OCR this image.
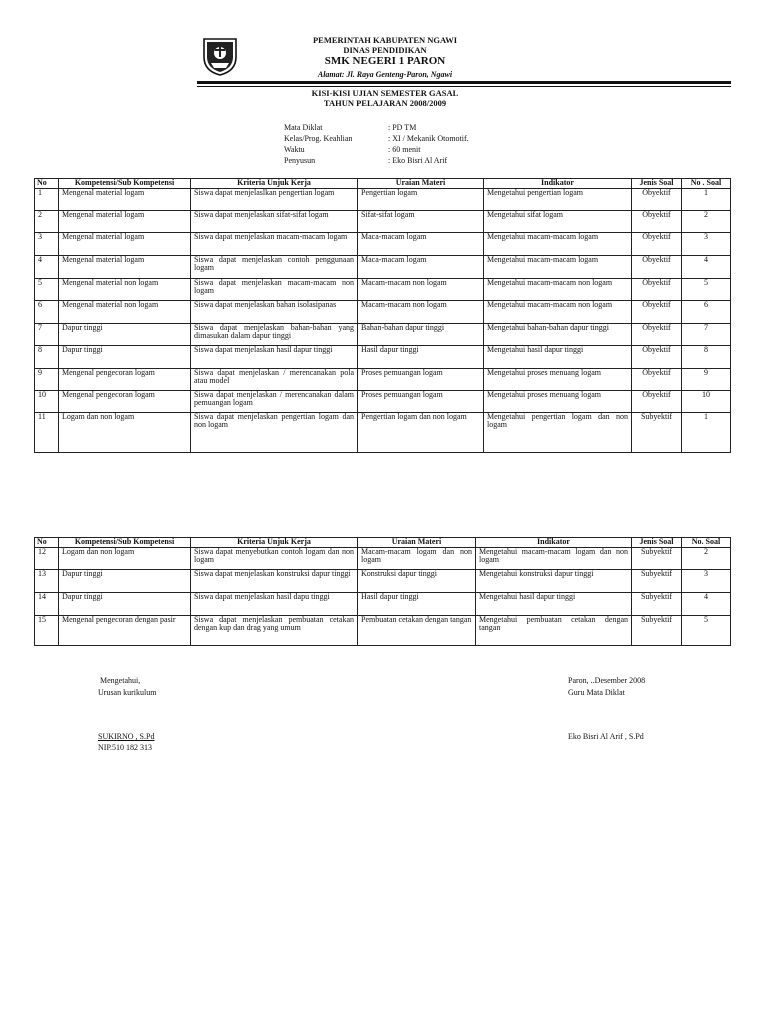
PEMERINTAH KABUPATEN NGAWI
DINAS PENDIDIKAN
SMK NEGERI 1 PARON
Alamat: Jl. Raya Genteng-Paron, Ngawi
KISI-KISI UJIAN SEMESTER GASAL
TAHUN PELAJARAN 2008/2009
Mata Diklat	: PD TM
Kelas/Prog. Keahlian	: XI / Mekanik Otomotif.
Waktu	: 60 menit
Penyusun	: Eko Bisri Al Arif
No	Kompetensi/Sub Kompetensi	Kriteria Unjuk Kerja	Uraian Materi	Indikator	Jenis Soal	No . Soal
1	Mengenal material logam	Siswa dapat menjelaslkan pengertian logam	Pengertian logam	Mengetahui pengertian logam	Obyektif	1
2	Mengenal material logam	Siswa dapat menjelaskan sifat-sifat logam	Sifat-sifat logam	Mengetahui sifat logam	Obyektif	2
3	Mengenal material logam	Siswa dapat menjelaskan macam-macam logam	Maca-macam logam	Mengetahui macam-macam logam	Obyektif	3
4	Mengenal material logam	Siswa dapat menjelaskan contoh penggunaan logam	Maca-macam logam	Mengetahui macam-macam logam	Obyektif	4
5	Mengenal material non logam	Siswa dapat menjelaskan macam-macam non logam	Macam-macam non logam	Mengetahui macam-macam non logam	Obyektif	5
6	Mengenal material non logam	Siswa dapat menjelaskan bahan isolasipanas	Macam-macam non logam	Mengetahui macam-macam non logam	Obyektif	6
7	Dapur tinggi	Siswa dapat menjelaskan bahan-bahan yang dimasukan dalam dapur tinggi	Bahan-bahan dapur tinggi	Mengetahui bahan-bahan dapur tinggi	Obyektif	7
8	Dapur tinggi	Siswa dapat menjelaskan hasil dapur tinggi	Hasil dapur tinggi	Mengetahui hasil dapur tinggi	Obyektif	8
9	Mengenal pengecoran logam	Siswa dapat menjelaskan / merencanakan pola atau model	Proses pemuangan logam	Mengetahui proses menuang logam	Obyektif	9
10	Mengenal pengecoran logam	Siswa dapat menjelaskan / merencanakan dalam pemuangan logam	Proses pemuangan logam	Mengetahui proses menuang logam	Obyektif	10
11	Logam dan non logam	Siswa dapat menjelaskan pengertian logam dan non logam	Pengertian logam dan non logam	Mengetahui pengertian logam dan non logam	Subyektif	1
No	Kompetensi/Sub Kompetensi	Kriteria Unjuk Kerja	Uraian Materi	Indikator	Jenis Soal	No. Soal
12	Logam dan non logam	Siswa dapat menyebutkan contoh logam dan non logam	Macam-macam logam dan non logam	Mengetahui macam-macam logam dan non logam	Subyektif	2
13	Dapur tinggi	Siswa dapat menjelaskan konstruksi dapur tinggi	Konstruksi dapur tinggi	Mengetahui konstruksi dapur tinggi	Subyektif	3
14	Dapur tinggi	Siswa dapat menjelaskan hasil dapu tinggi	Hasil dapur tinggi	Mengetahui hasil dapur tinggi	Subyektif	4
15	Mengenal pengecoran dengan pasir	Siswa dapat menjelaskan pembuatan cetakan dengan kup dan drag yang umum	Pembuatan cetakan dengan tangan	Mengetahui pembuatan cetakan dengan tangan	Subyektif	5
Mengetahui,
Urusan kurikulum
SUKIRNO , S.Pd
NIP.510 182 313
Paron, ..Desember 2008
Guru Mata Diklat
Eko Bisri Al Arif , S.Pd
